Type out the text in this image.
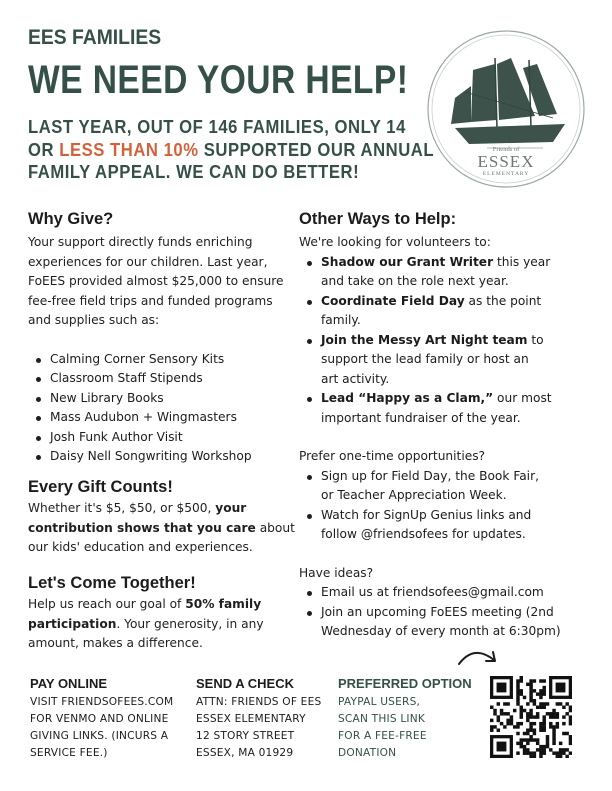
EES FAMILIES
WE NEED YOUR HELP!
LAST YEAR, OUT OF 146 FAMILIES, ONLY 14
OR LESS THAN 10% SUPPORTED OUR ANNUAL
FAMILY APPEAL. WE CAN DO BETTER!
Friends of
ESSEX
ELEMENTARY
Why Give?
Your support directly funds enriching
experiences for our children. Last year,
FoEES provided almost $25,000 to ensure
fee-free field trips and funded programs
and supplies such as:
Calming Corner Sensory Kits
Classroom Staff Stipends
New Library Books
Mass Audubon + Wingmasters
Josh Funk Author Visit
Daisy Nell Songwriting Workshop
Every Gift Counts!
Whether it's $5, $50, or $500, your
contribution shows that you care about
our kids' education and experiences.
Let's Come Together!
Help us reach our goal of 50% family
participation. Your generosity, in any
amount, makes a difference.
Other Ways to Help:
We're looking for volunteers to:
Shadow our Grant Writer this year
and take on the role next year.
Coordinate Field Day as the point
family.
Join the Messy Art Night team to
support the lead family or host an
art activity.
Lead “Happy as a Clam,” our most
important fundraiser of the year.
Prefer one-time opportunities?
Sign up for Field Day, the Book Fair,
or Teacher Appreciation Week.
Watch for SignUp Genius links and
follow @friendsofees for updates.
Have ideas?
Email us at friendsofees@gmail.com
Join an upcoming FoEES meeting (2nd
Wednesday of every month at 6:30pm)
PAY ONLINE
VISIT FRIENDSOFEES.COM
FOR VENMO AND ONLINE
GIVING LINKS. (INCURS A
SERVICE FEE.)
SEND A CHECK
ATTN: FRIENDS OF EES
ESSEX ELEMENTARY
12 STORY STREET
ESSEX, MA 01929
PREFERRED OPTION
PAYPAL USERS,
SCAN THIS LINK
FOR A FEE-FREE
DONATION
